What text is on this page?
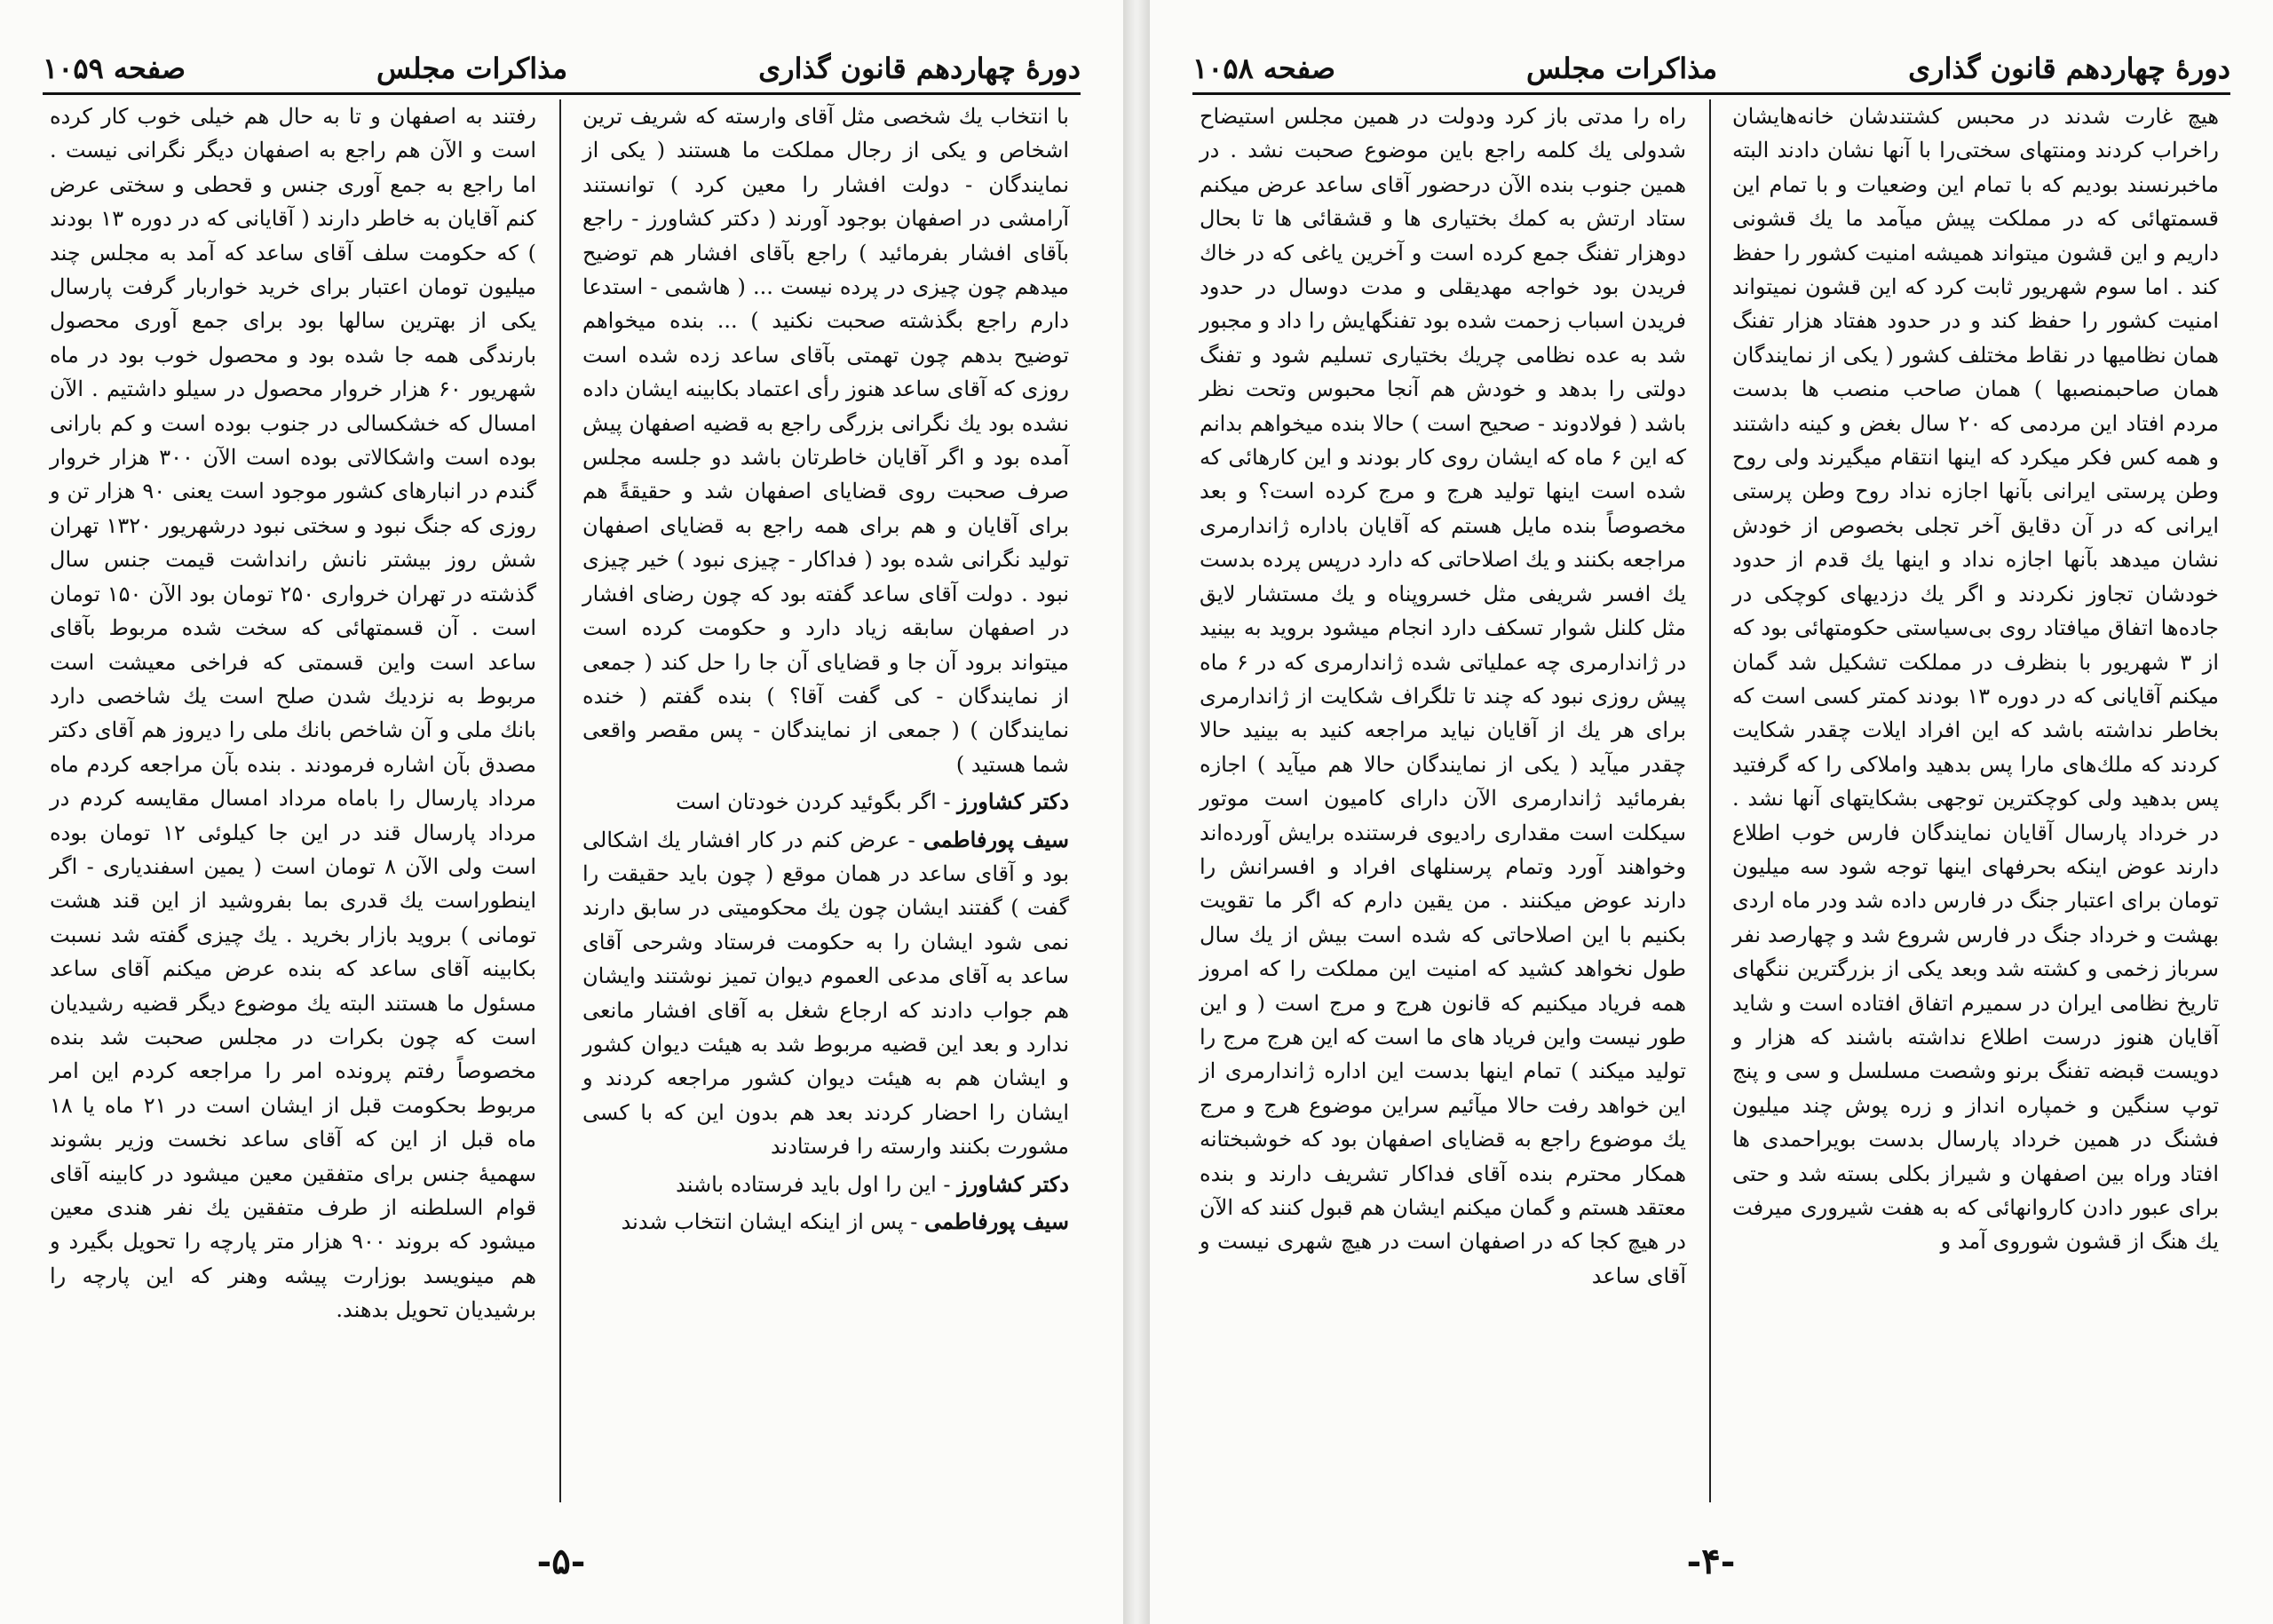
دورهٔ چهاردهم قانون گذاری
مذاکرات مجلس
صفحه ۱۰۵۹

با انتخاب یك شخصی مثل آقای وارسته که شریف ترین اشخاص و یکی از رجال مملکت ما هستند ( یکی از نمایندگان - دولت افشار را معین کرد ) توانستند آرامشی در اصفهان بوجود آورند ( دکتر کشاورز - راجع بآقای افشار بفرمائید ) راجع بآقای افشار هم توضیح میدهم چون چیزی در پرده نیست ... ( هاشمی - استدعا دارم راجع بگذشته صحبت نکنید ) ... بنده میخواهم توضیح بدهم چون تهمتی بآقای ساعد زده شده است روزی که آقای ساعد هنوز رأی اعتماد بکابینه ایشان داده نشده بود یك نگرانی بزرگی راجع به قضیه اصفهان پیش آمده بود و اگر آقایان خاطرتان باشد دو جلسه مجلس صرف صحبت روی قضایای اصفهان شد و حقیقةً هم برای آقایان و هم برای همه راجع به قضایای اصفهان تولید نگرانی شده بود ( فداکار - چیزی نبود ) خیر چیزی نبود . دولت آقای ساعد گفته بود که چون رضای افشار در اصفهان سابقه زیاد دارد و حکومت کرده است میتواند برود آن جا و قضایای آن جا را حل کند ( جمعی از نمایندگان - کی گفت آقا؟ ) بنده گفتم ( خنده نمایندگان ) ( جمعی از نمایندگان - پس مقصر واقعی شما هستید )

دکتر کشاورز - اگر بگوئید کردن خودتان است

سیف پورفاطمی - عرض کنم در کار افشار یك اشکالی بود و آقای ساعد در همان موقع ( چون باید حقیقت را گفت ) گفتند ایشان چون یك محکومیتی در سابق دارند نمی شود ایشان را به حکومت فرستاد وشرحی آقای ساعد به آقای مدعی العموم دیوان تمیز نوشتند وایشان هم جواب دادند که ارجاع شغل به آقای افشار مانعی ندارد و بعد این قضیه مربوط شد به هیئت دیوان کشور و ایشان هم به هیئت دیوان کشور مراجعه کردند و ایشان را احضار کردند بعد هم بدون این که با کسی مشورت بکنند وارسته را فرستادند

دکتر کشاورز - این را اول باید فرستاده باشند

سیف پورفاطمی - پس از اینکه ایشان انتخاب شدند

رفتند به اصفهان و تا به حال هم خیلی خوب کار کرده است و الآن هم راجع به اصفهان دیگر نگرانی نیست . اما راجع به جمع آوری جنس و قحطی و سختی عرض کنم آقایان به خاطر دارند ( آقایانی که در دوره ۱۳ بودند ) که حکومت سلف آقای ساعد که آمد به مجلس چند میلیون تومان اعتبار برای خرید خواربار گرفت پارسال یکی از بهترین سالها بود برای جمع آوری محصول بارندگی همه جا شده بود و محصول خوب بود در ماه شهریور ۶۰ هزار خروار محصول در سیلو داشتیم . الآن امسال که خشکسالی در جنوب بوده است و کم بارانی بوده است واشکالاتی بوده است الآن ۳۰۰ هزار خروار گندم در انبارهای کشور موجود است یعنی ۹۰ هزار تن و روزی که جنگ نبود و سختی نبود درشهریور ۱۳۲۰ تهران شش روز بیشتر نانش رانداشت قیمت جنس سال گذشته در تهران خرواری ۲۵۰ تومان بود الآن ۱۵۰ تومان است . آن قسمتهائی که سخت شده مربوط بآقای ساعد است واین قسمتی که فراخی معیشت است مربوط به نزدیك شدن صلح است یك شاخصی دارد بانك ملی و آن شاخص بانك ملی را دیروز هم آقای دکتر مصدق بآن اشاره فرمودند . بنده بآن مراجعه کردم ماه مرداد پارسال را باماه مرداد امسال مقایسه کردم در مرداد پارسال قند در این جا کیلوئی ۱۲ تومان بوده است ولی الآن ۸ تومان است ( یمین اسفندیاری - اگر اینطوراست یك قدری بما بفروشید از این قند هشت تومانی ) بروید بازار بخرید . یك چیزی گفته شد نسبت بکابینه آقای ساعد که بنده عرض میکنم آقای ساعد مسئول ما هستند البته یك موضوع دیگر قضیه رشیدیان است که چون بکرات در مجلس صحبت شد بنده مخصوصاً رفتم پرونده امر را مراجعه کردم این امر مربوط بحکومت قبل از ایشان است در ۲۱ ماه یا ۱۸ ماه قبل از این که آقای ساعد نخست وزیر بشوند سهمیهٔ جنس برای متفقین معین میشود در کابینه آقای قوام السلطنه از طرف متفقین یك نفر هندی معین میشود که بروند ۹۰۰ هزار متر پارچه را تحویل بگیرد و هم مینویسد بوزارت پیشه وهنر که این پارچه را برشیدیان تحویل بدهند.

-۵-
دورهٔ چهاردهم قانون گذاری
مذاکرات مجلس
صفحه ۱۰۵۸

هیچ غارت شدند در محبس کشتندشان خانه‌هایشان راخراب کردند ومنتهای سختی‌را با آنها نشان دادند البته ماخبرنسند بودیم که با تمام این وضعیات و با تمام این قسمتهائی که در مملکت پیش میآمد ما یك قشونی داریم و این قشون میتواند همیشه امنیت کشور را حفظ کند . اما سوم شهریور ثابت کرد که این قشون نمیتواند امنیت کشور را حفظ کند و در حدود هفتاد هزار تفنگ همان نظامیها در نقاط مختلف کشور ( یکی از نمایندگان همان صاحبمنصبها ) همان صاحب منصب ها بدست مردم افتاد این مردمی که ۲۰ سال بغض و کینه داشتند و همه کس فکر میکرد که اینها انتقام میگیرند ولی روح وطن پرستی ایرانی بآنها اجازه نداد روح وطن پرستی ایرانی که در آن دقایق آخر تجلی بخصوص از خودش نشان میدهد بآنها اجازه نداد و اینها یك قدم از حدود خودشان تجاوز نکردند و اگر یك دزدیهای کوچکی در جاده‌ها اتفاق میافتاد روی بی‌سیاستی حکومتهائی بود که از ۳ شهریور با بنظرف در مملکت تشکیل شد گمان میکنم آقایانی که در دوره ۱۳ بودند کمتر کسی است که بخاطر نداشته باشد که این افراد ایلات چقدر شکایت کردند که ملك‌های مارا پس بدهید واملاکی را که گرفتید پس بدهید ولی کوچکترین توجهی بشکایتهای آنها نشد . در خرداد پارسال آقایان نمایندگان فارس خوب اطلاع دارند عوض اینکه بحرفهای اینها توجه شود سه میلیون تومان برای اعتبار جنگ در فارس داده شد ودر ماه اردی بهشت و خرداد جنگ در فارس شروع شد و چهارصد نفر سرباز زخمی و کشته شد وبعد یکی از بزرگترین ننگهای تاریخ نظامی ایران در سمیرم اتفاق افتاده است و شاید آقایان هنوز درست اطلاع نداشته باشند که هزار و دویست قبضه تفنگ برنو وشصت مسلسل و سی و پنج توپ سنگین و خمپاره انداز و زره پوش چند میلیون فشنگ در همین خرداد پارسال بدست بویراحمدی ها افتاد وراه بین اصفهان و شیراز بکلی بسته شد و حتی برای عبور دادن کاروانهائی که به هفت شیروری میرفت یك هنگ از قشون شوروی آمد و

راه را مدتی باز کرد ودولت در همین مجلس استیضاح شدولی یك کلمه راجع باین موضوع صحبت نشد . در همین جنوب بنده الآن درحضور آقای ساعد عرض میکنم ستاد ارتش به کمك بختیاری ها و قشقائی ها تا بحال دوهزار تفنگ جمع کرده است و آخرین یاغی که در خاك فریدن بود خواجه مهدیقلی و مدت دوسال در حدود فریدن اسباب زحمت شده بود تفنگهایش را داد و مجبور شد به عده نظامی چریك بختیاری تسلیم شود و تفنگ دولتی را بدهد و خودش هم آنجا محبوس وتحت نظر باشد ( فولادوند - صحیح است ) حالا بنده میخواهم بدانم که این ۶ ماه که ایشان روی کار بودند و این کارهائی که شده است اینها تولید هرج و مرج کرده است؟ و بعد مخصوصاً بنده مایل هستم که آقایان باداره ژاندارمری مراجعه بکنند و یك اصلاحاتی که دارد درپس پرده بدست یك افسر شریفی مثل خسروپناه و یك مستشار لایق مثل کلنل شوار تسکف دارد انجام میشود بروید به بینید در ژاندارمری چه عملیاتی شده ژاندارمری که در ۶ ماه پیش روزی نبود که چند تا تلگراف شکایت از ژاندارمری برای هر یك از آقایان نیاید مراجعه کنید به بینید حالا چقدر میآید ( یکی از نمایندگان حالا هم میآید ) اجازه بفرمائید ژاندارمری الآن دارای کامیون است موتور سیکلت است مقداری رادیوی فرستنده برایش آورده‌اند وخواهند آورد وتمام پرسنلهای افراد و افسرانش را دارند عوض میکنند . من یقین دارم که اگر ما تقویت بکنیم با این اصلاحاتی که شده است بیش از یك سال طول نخواهد کشید که امنیت این مملکت را که امروز همه فریاد میکنیم که قانون هرج و مرج است ( و این طور نیست واین فریاد های ما است که این هرج مرج را تولید میکند ) تمام اینها بدست این اداره ژاندارمری از این خواهد رفت حالا میآئیم سراین موضوع هرج و مرج یك موضوع راجع به قضایای اصفهان بود که خوشبختانه همکار محترم بنده آقای فداکار تشریف دارند و بنده معتقد هستم و گمان میکنم ایشان هم قبول کنند که الآن در هیچ کجا که در اصفهان است در هیچ شهری نیست و آقای ساعد

-۴-
